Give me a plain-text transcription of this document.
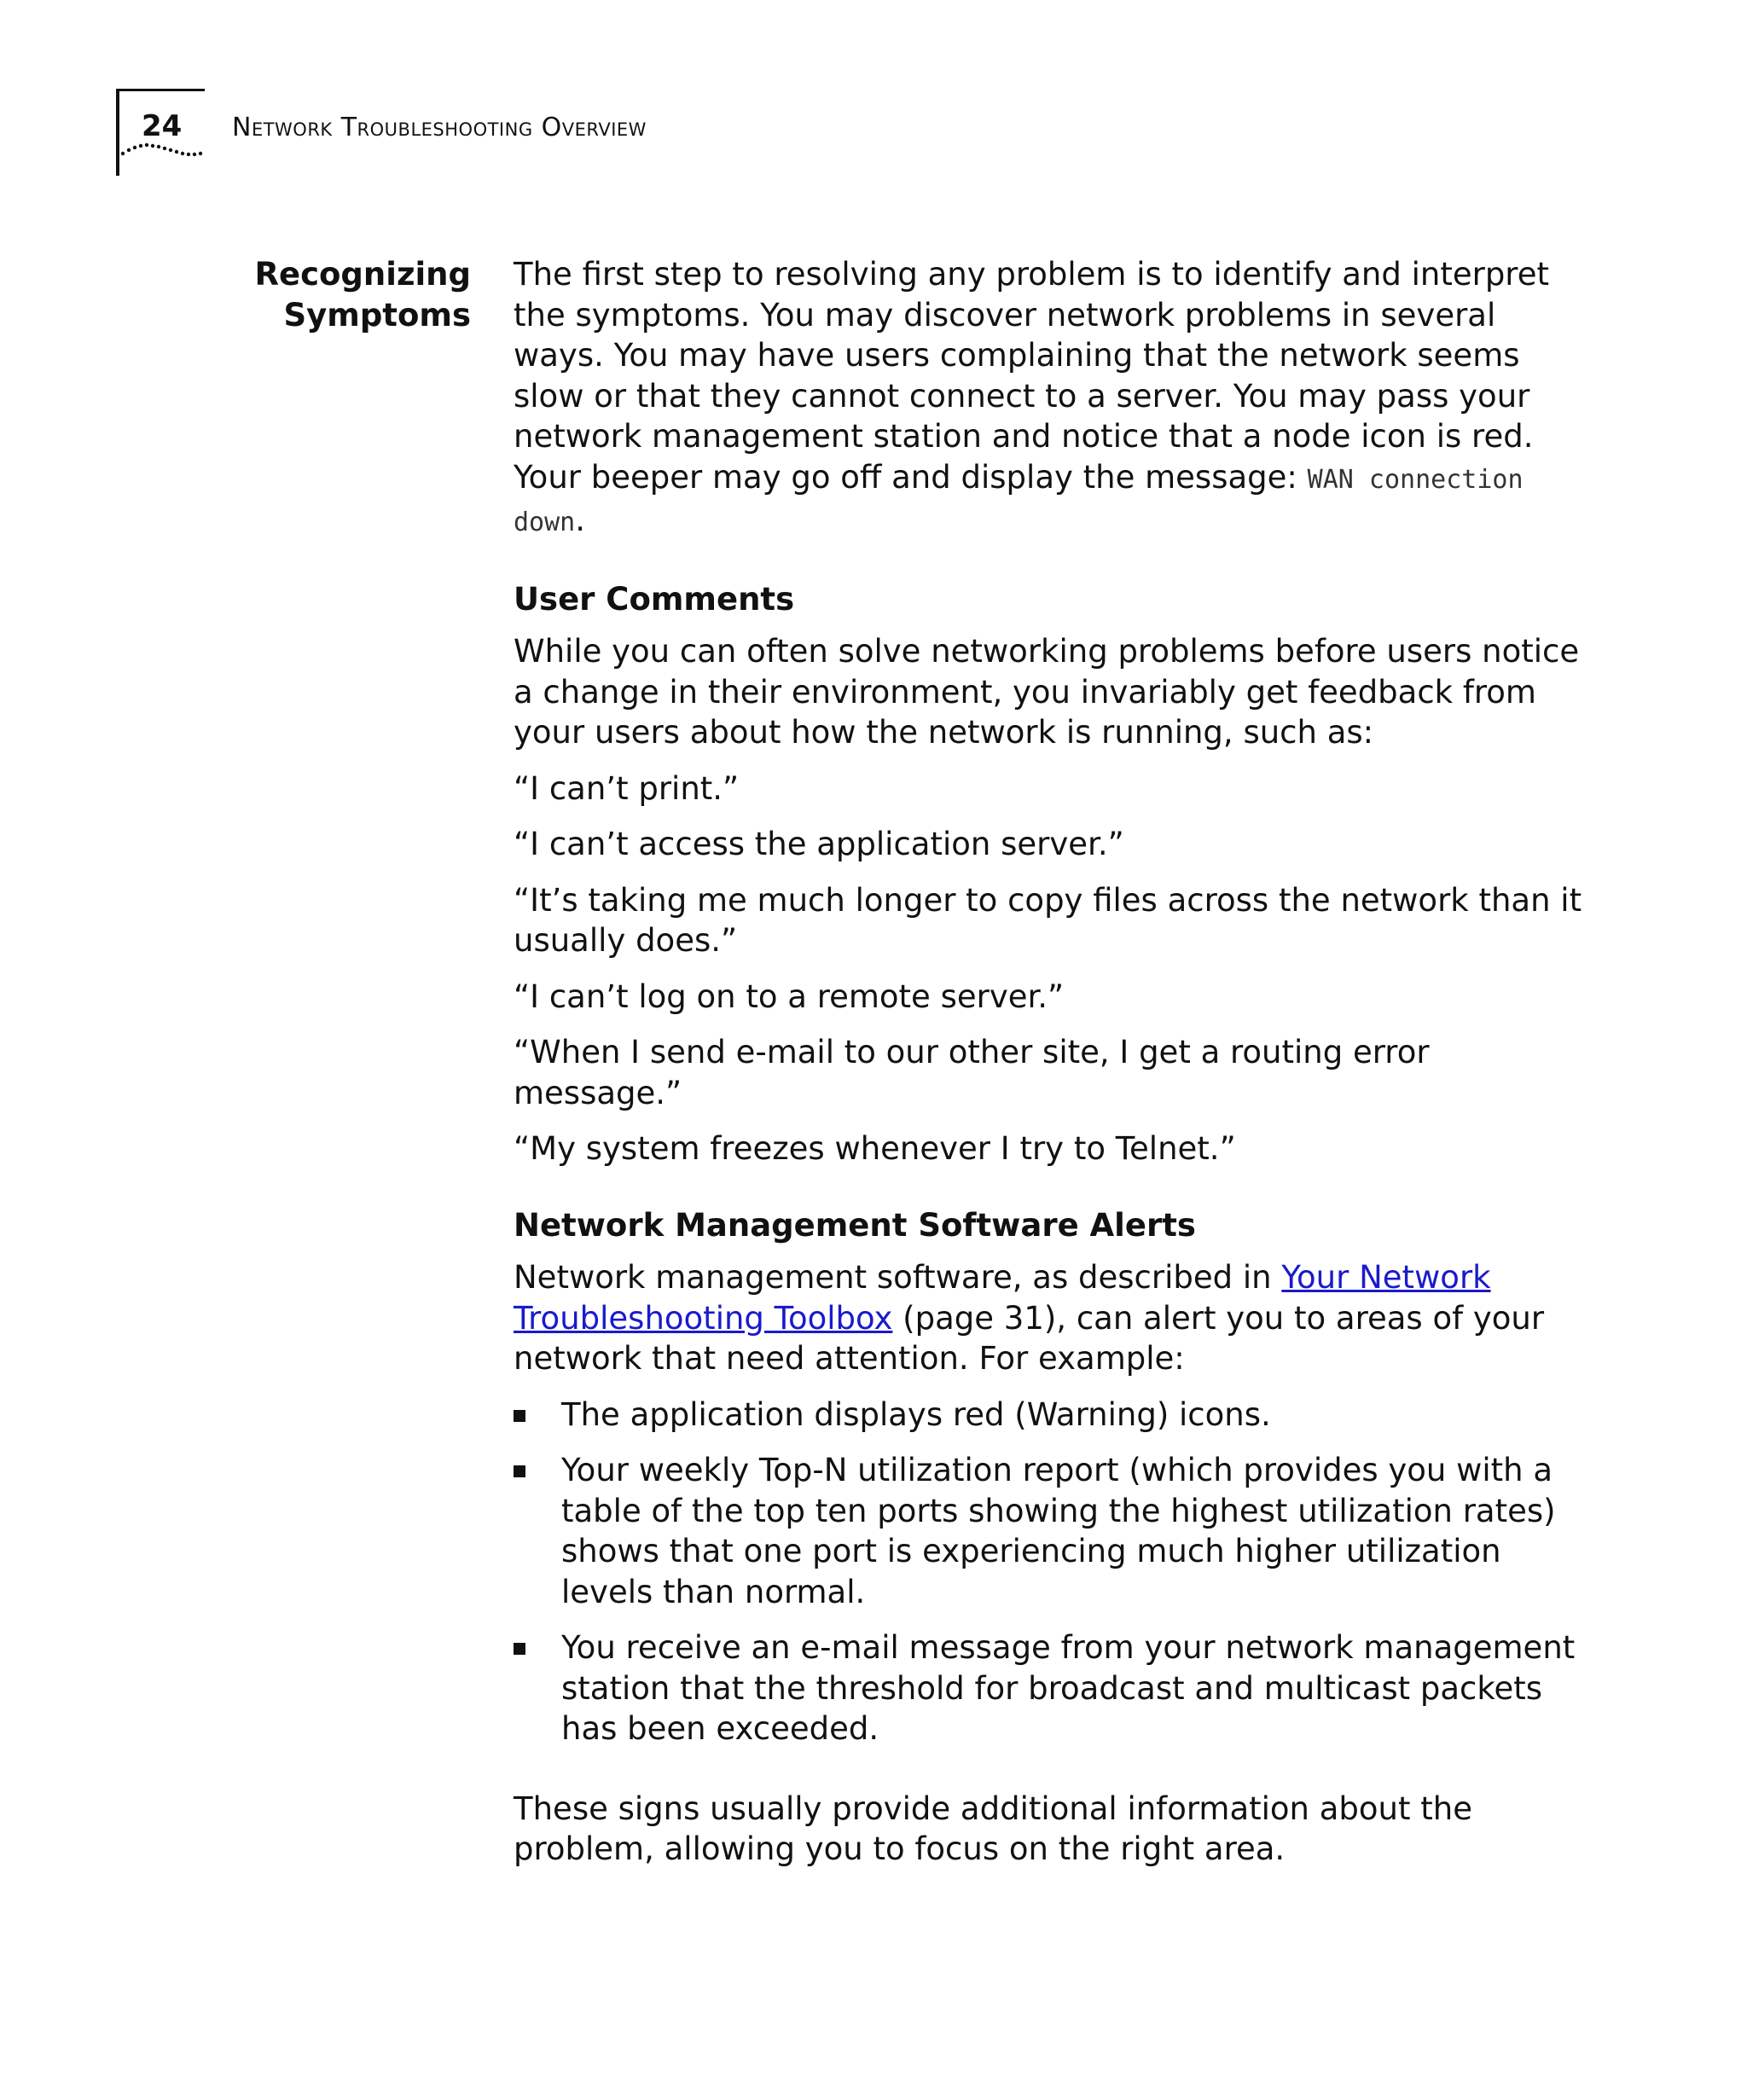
24 Network Troubleshooting Overview
Recognizing
Symptoms

The first step to resolving any problem is to identify and interpret the symptoms. You may discover network problems in several ways. You may have users complaining that the network seems slow or that they cannot connect to a server. You may pass your network management station and notice that a node icon is red. Your beeper may go off and display the message: WAN connection down.

User Comments

While you can often solve networking problems before users notice a change in their environment, you invariably get feedback from your users about how the network is running, such as:

“I can’t print.”

“I can’t access the application server.”

“It’s taking me much longer to copy files across the network than it usually does.”

“I can’t log on to a remote server.”

“When I send e-mail to our other site, I get a routing error message.”

“My system freezes whenever I try to Telnet.”

Network Management Software Alerts

Network management software, as described in Your Network Troubleshooting Toolbox (page 31), can alert you to areas of your network that need attention. For example:

The application displays red (Warning) icons.
Your weekly Top-N utilization report (which provides you with a table of the top ten ports showing the highest utilization rates) shows that one port is experiencing much higher utilization levels than normal.
You receive an e-mail message from your network management station that the threshold for broadcast and multicast packets has been exceeded.

These signs usually provide additional information about the problem, allowing you to focus on the right area.
